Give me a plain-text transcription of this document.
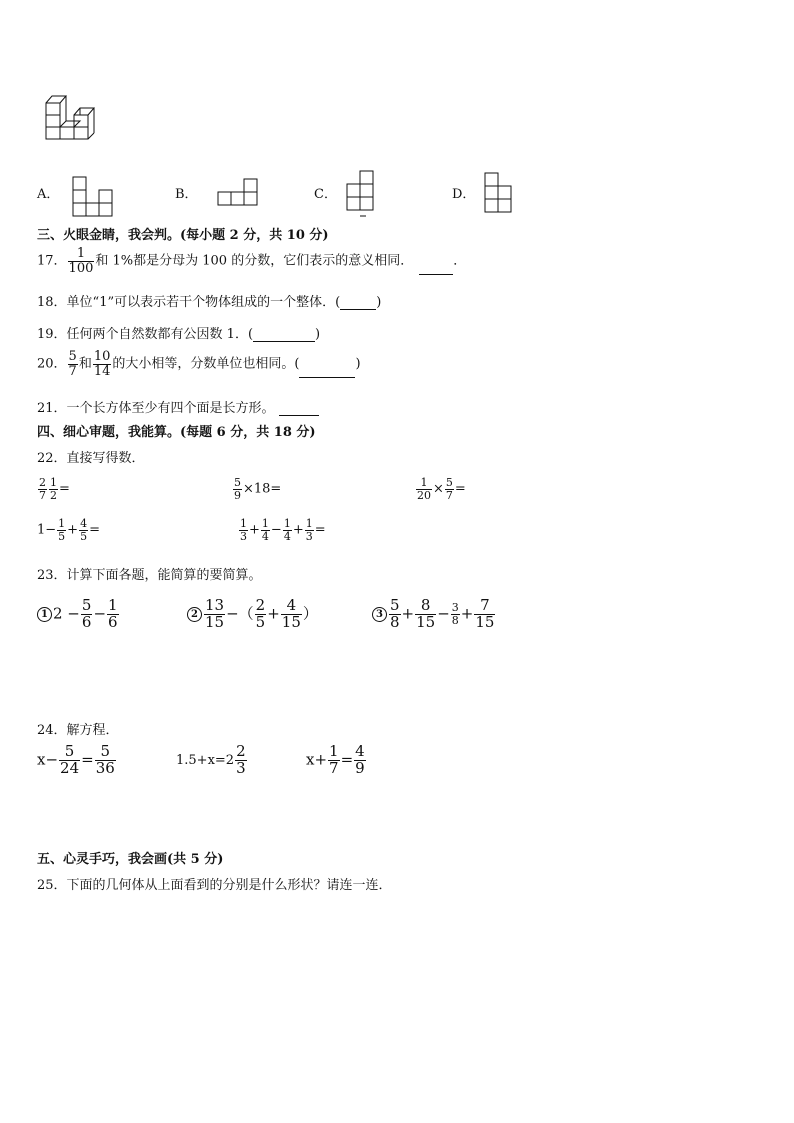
A．	B．	C．	D．
三、火眼金睛，我会判。(每小题 2 分，共 10 分)
17． $\frac{1}{100}$ 和 1%都是分母为 100 的分数，它们表示的意义相同．	．
18．单位“1”可以表示若干个物体组成的一个整体．(	)
19．任何两个自然数都有公因数 1．(	)
20． $\frac{5}{7}$ 和 $\frac{10}{14}$ 的大小相等，分数单位也相同。(	)
21．一个长方体至少有四个面是长方形。
四、细心审题，我能算。(每题 6 分，共 18 分)
22．直接写得数．
$\frac{2}{7} \frac{1}{2}$ =	$\frac{5}{9} \times 18=$	$\frac{1}{20} \times \frac{5}{7}$ =
$1- \frac{1}{5} + \frac{4}{5}$ =	$\frac{1}{3} + \frac{1}{4} - \frac{1}{4} + \frac{1}{3}$ =
23．计算下面各题，能简算的要简算。
1 $2 - \frac{5}{6} - \frac{1}{6}$	$2 \frac{13}{15}$ −（ $\frac{2}{5} + \frac{4}{15}$ ）	$3 \frac{5}{8} + \frac{8}{15} - \frac{3}{8} + \frac{7}{15}$
24．解方程．
$x- \frac{5}{24} = \frac{5}{36}$	$1.5+x=2 \frac{2}{3}$	$x+ \frac{1}{7} = \frac{4}{9}$
五、心灵手巧，我会画(共 5 分)
25．下面的几何体从上面看到的分别是什么形状？请连一连．
